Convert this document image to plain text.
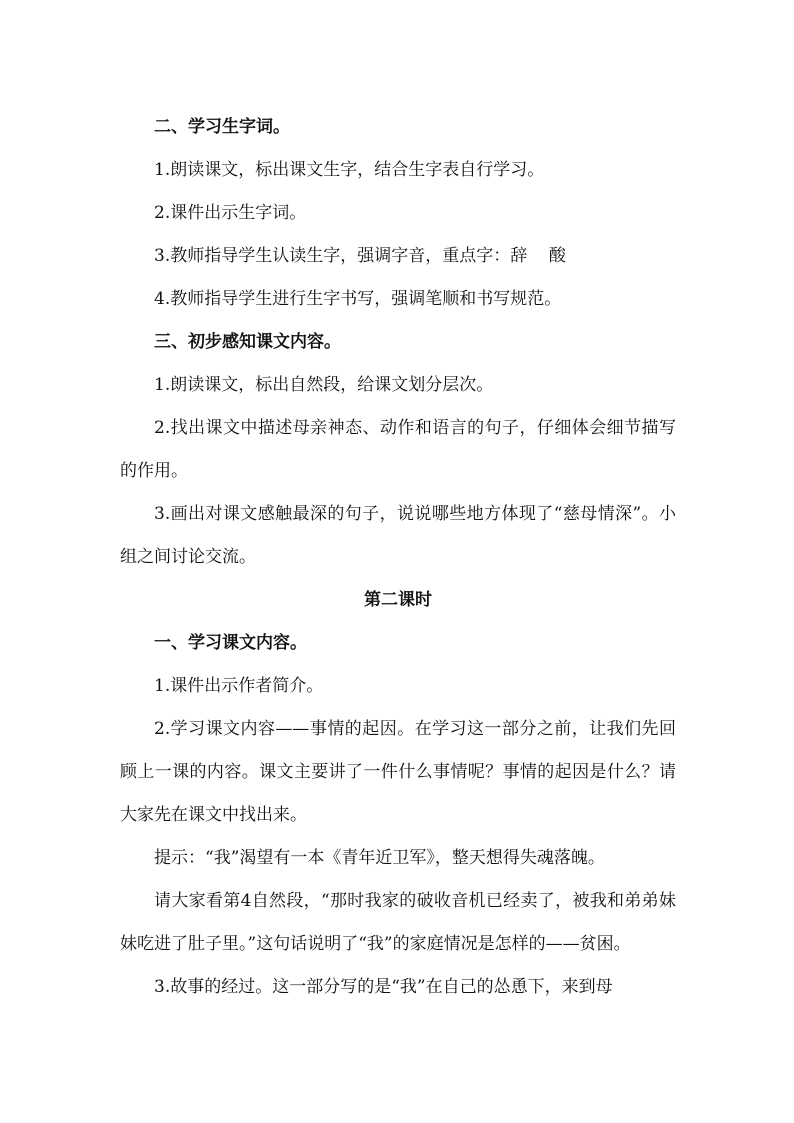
二、学习生字词。
1.朗读课文，标出课文生字，结合生字表自行学习。
2.课件出示生字词。
3.教师指导学生认读生字，强调字音，重点字：辞    酸
4.教师指导学生进行生字书写，强调笔顺和书写规范。
三、初步感知课文内容。
1.朗读课文，标出自然段，给课文划分层次。
2.找出课文中描述母亲神态、动作和语言的句子，仔细体会细节描写的作用。
3.画出对课文感触最深的句子，说说哪些地方体现了“慈母情深”。小组之间讨论交流。
第二课时
一、学习课文内容。
1.课件出示作者简介。
2.学习课文内容——事情的起因。在学习这一部分之前，让我们先回顾上一课的内容。课文主要讲了一件什么事情呢？事情的起因是什么？请大家先在课文中找出来。
提示：“我”渴望有一本《青年近卫军》，整天想得失魂落魄。
请大家看第4自然段，“那时我家的破收音机已经卖了，被我和弟弟妹妹吃进了肚子里。”这句话说明了“我”的家庭情况是怎样的——贫困。
3.故事的经过。这一部分写的是“我”在自己的怂恿下，来到母
